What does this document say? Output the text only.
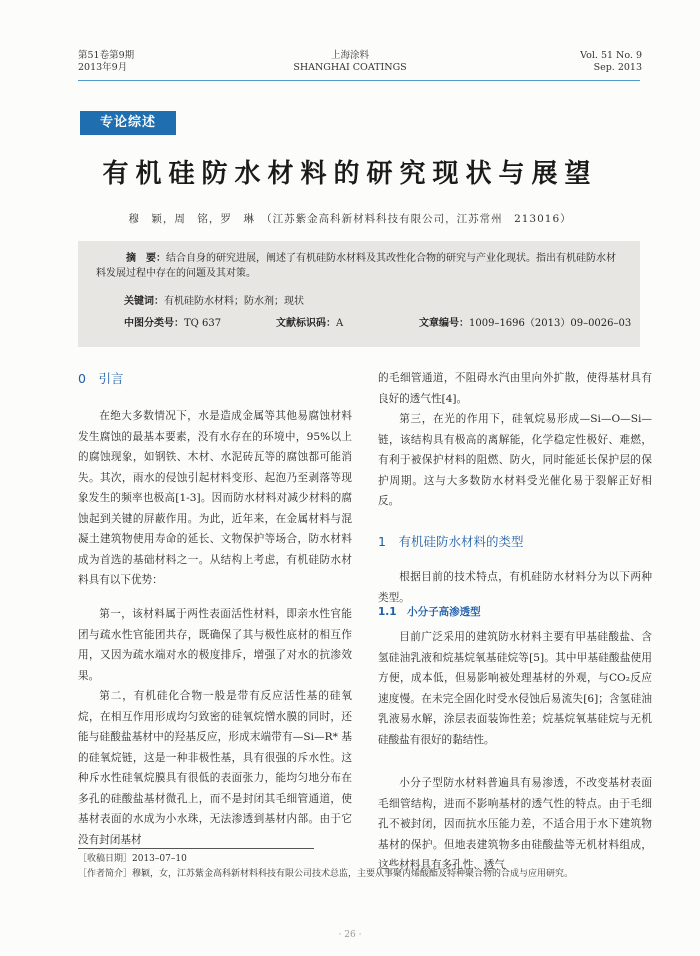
第51卷第9期
2013年9月
上海涂料
SHANGHAI COATINGS
Vol. 51 No. 9
Sep. 2013
专论综述
有机硅防水材料的研究现状与展望
穆　颖，周　铭，罗　琳　（江苏紫金高科新材料科技有限公司，江苏常州　213016）
摘　要：结合自身的研究进展，阐述了有机硅防水材料及其改性化合物的研究与产业化现状。指出有机硅防水材料发展过程中存在的问题及其对策。
关键词：有机硅防水材料；防水剂；现状
中图分类号：TQ 637	文献标识码：A	文章编号：1009–1696（2013）09–0026–03
0　引言

在绝大多数情况下，水是造成金属等其他易腐蚀材料发生腐蚀的最基本要素，没有水存在的环境中，95%以上的腐蚀现象，如钢铁、木材、水泥砖瓦等的腐蚀都可能消失。其次，雨水的侵蚀引起材料变形、起泡乃至剥落等现象发生的频率也极高[1-3]。因而防水材料对减少材料的腐蚀起到关键的屏蔽作用。为此，近年来，在金属材料与混凝土建筑物使用寿命的延长、文物保护等场合，防水材料成为首选的基础材料之一。从结构上考虑，有机硅防水材料具有以下优势：

第一，该材料属于两性表面活性材料，即亲水性官能团与疏水性官能团共存，既确保了其与极性底材的相互作用，又因为疏水端对水的极度排斥，增强了对水的抗渗效果。

第二，有机硅化合物一般是带有反应活性基的硅氧烷，在相互作用形成均匀致密的硅氧烷憎水膜的同时，还能与硅酸盐基材中的羟基反应，形成末端带有—Si—R* 基的硅氧烷链，这是一种非极性基，具有很强的斥水性。这种斥水性硅氧烷膜具有很低的表面张力，能均匀地分布在多孔的硅酸盐基材微孔上，而不是封闭其毛细管通道，使基材表面的水成为小水珠，无法渗透到基材内部。由于它没有封闭基材

的毛细管通道，不阻碍水汽由里向外扩散，使得基材具有良好的透气性[4]。

第三，在光的作用下，硅氧烷易形成—Si—O—Si—链，该结构具有极高的离解能，化学稳定性极好、难燃，有利于被保护材料的阻燃、防火，同时能延长保护层的保护周期。这与大多数防水材料受光催化易于裂解正好相反。

1　有机硅防水材料的类型

根据目前的技术特点，有机硅防水材料分为以下两种类型。

1.1　小分子高渗透型

目前广泛采用的建筑防水材料主要有甲基硅酸盐、含氢硅油乳液和烷基烷氧基硅烷等[5]。其中甲基硅酸盐使用方便，成本低，但易影响被处理基材的外观，与CO₂反应速度慢。在未完全固化时受水侵蚀后易流失[6]；含氢硅油乳液易水解，涂层表面装饰性差；烷基烷氧基硅烷与无机硅酸盐有很好的黏结性。

小分子型防水材料普遍具有易渗透，不改变基材表面毛细管结构，进而不影响基材的透气性的特点。由于毛细孔不被封闭，因而抗水压能力差，不适合用于水下建筑物基材的保护。但地表建筑物多由硅酸盐等无机材料组成，这些材料具有多孔性、透气

［收稿日期］2013–07–10
［作者简介］穆颖，女，江苏紫金高科新材料科技有限公司技术总监，主要从事聚丙烯酸酯及特种聚合物的合成与应用研究。
· 26 ·
